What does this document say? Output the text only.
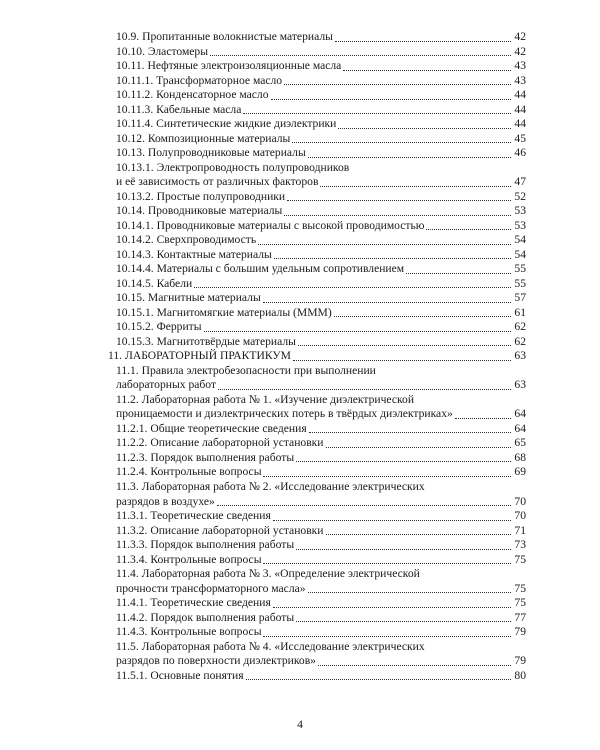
10.9. Пропитанные волокнистые материалы	42
10.10. Эластомеры	42
10.11. Нефтяные электроизоляционные масла	43
10.11.1. Трансформаторное масло	43
10.11.2. Конденсаторное масло	44
10.11.3. Кабельные масла	44
10.11.4. Синтетические жидкие диэлектрики	44
10.12. Композиционные материалы	45
10.13. Полупроводниковые материалы	46
10.13.1. Электропроводность полупроводников
и её зависимость от различных факторов	47
10.13.2. Простые полупроводники	52
10.14. Проводниковые материалы	53
10.14.1. Проводниковые материалы с высокой проводимостью	53
10.14.2. Сверхпроводимость	54
10.14.3. Контактные материалы	54
10.14.4. Материалы с большим удельным сопротивлением	55
10.14.5. Кабели	55
10.15. Магнитные материалы	57
10.15.1. Магнитомягкие материалы (ММM)	61
10.15.2. Ферриты	62
10.15.3. Магнитотвёрдые материалы	62
11. ЛАБОРАТОРНЫЙ ПРАКТИКУМ	63
11.1. Правила электробезопасности при выполнении
лабораторных работ	63
11.2. Лабораторная работа № 1. «Изучение диэлектрической
проницаемости и диэлектрических потерь в твёрдых диэлектриках»	64
11.2.1. Общие теоретические сведения	64
11.2.2. Описание лабораторной установки	65
11.2.3. Порядок выполнения работы	68
11.2.4. Контрольные вопросы	69
11.3. Лабораторная работа № 2. «Исследование электрических
разрядов в воздухе»	70
11.3.1. Теоретические сведения	70
11.3.2. Описание лабораторной установки	71
11.3.3. Порядок выполнения работы	73
11.3.4. Контрольные вопросы	75
11.4. Лабораторная работа № 3. «Определение электрической
прочности трансформаторного масла»	75
11.4.1. Теоретические сведения	75
11.4.2. Порядок выполнения работы	77
11.4.3. Контрольные вопросы	79
11.5. Лабораторная работа № 4. «Исследование электрических
разрядов по поверхности диэлектриков»	79
11.5.1. Основные понятия	80
4
